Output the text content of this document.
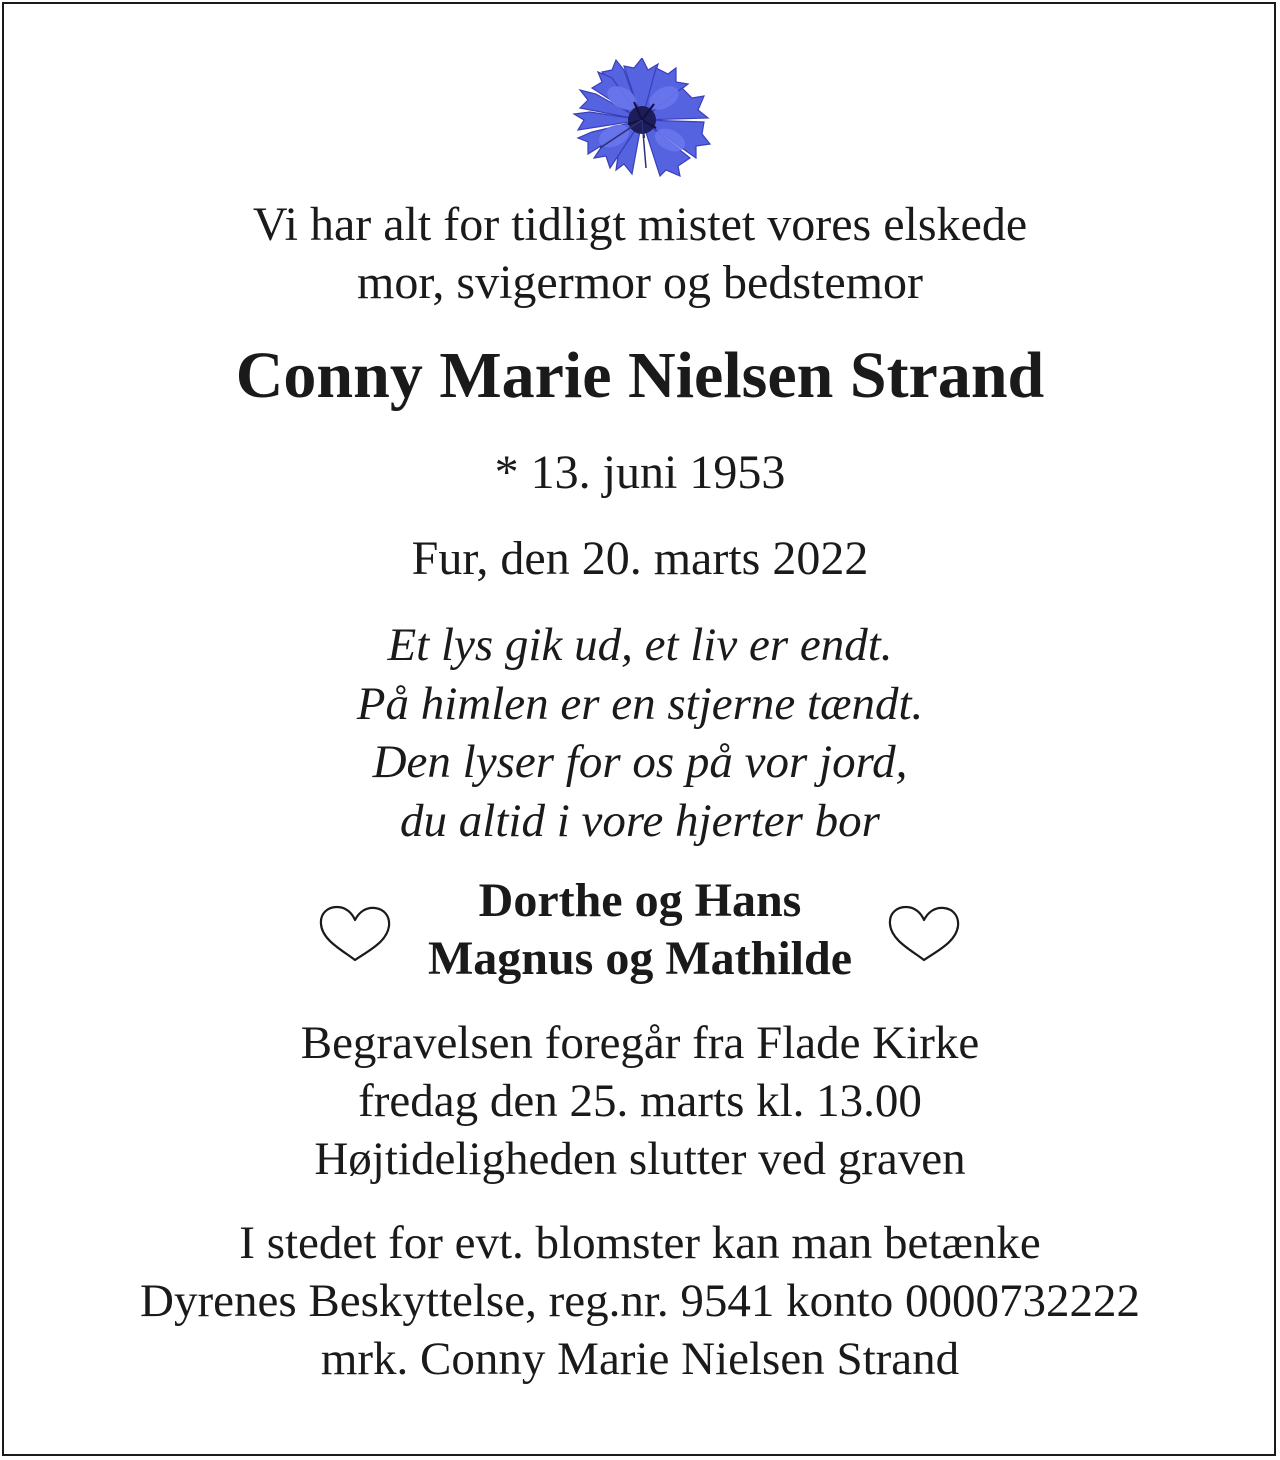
Vi har alt for tidligt mistet vores elskede
mor, svigermor og bedstemor
Conny Marie Nielsen Strand
* 13. juni 1953
Fur, den 20. marts 2022
Et lys gik ud, et liv er endt.
På himlen er en stjerne tændt.
Den lyser for os på vor jord,
du altid i vore hjerter bor
Dorthe og Hans
Magnus og Mathilde
Begravelsen foregår fra Flade Kirke
fredag den 25. marts kl. 13.00
Højtideligheden slutter ved graven
I stedet for evt. blomster kan man betænke
Dyrenes Beskyttelse, reg.nr. 9541 konto 0000732222
mrk. Conny Marie Nielsen Strand
